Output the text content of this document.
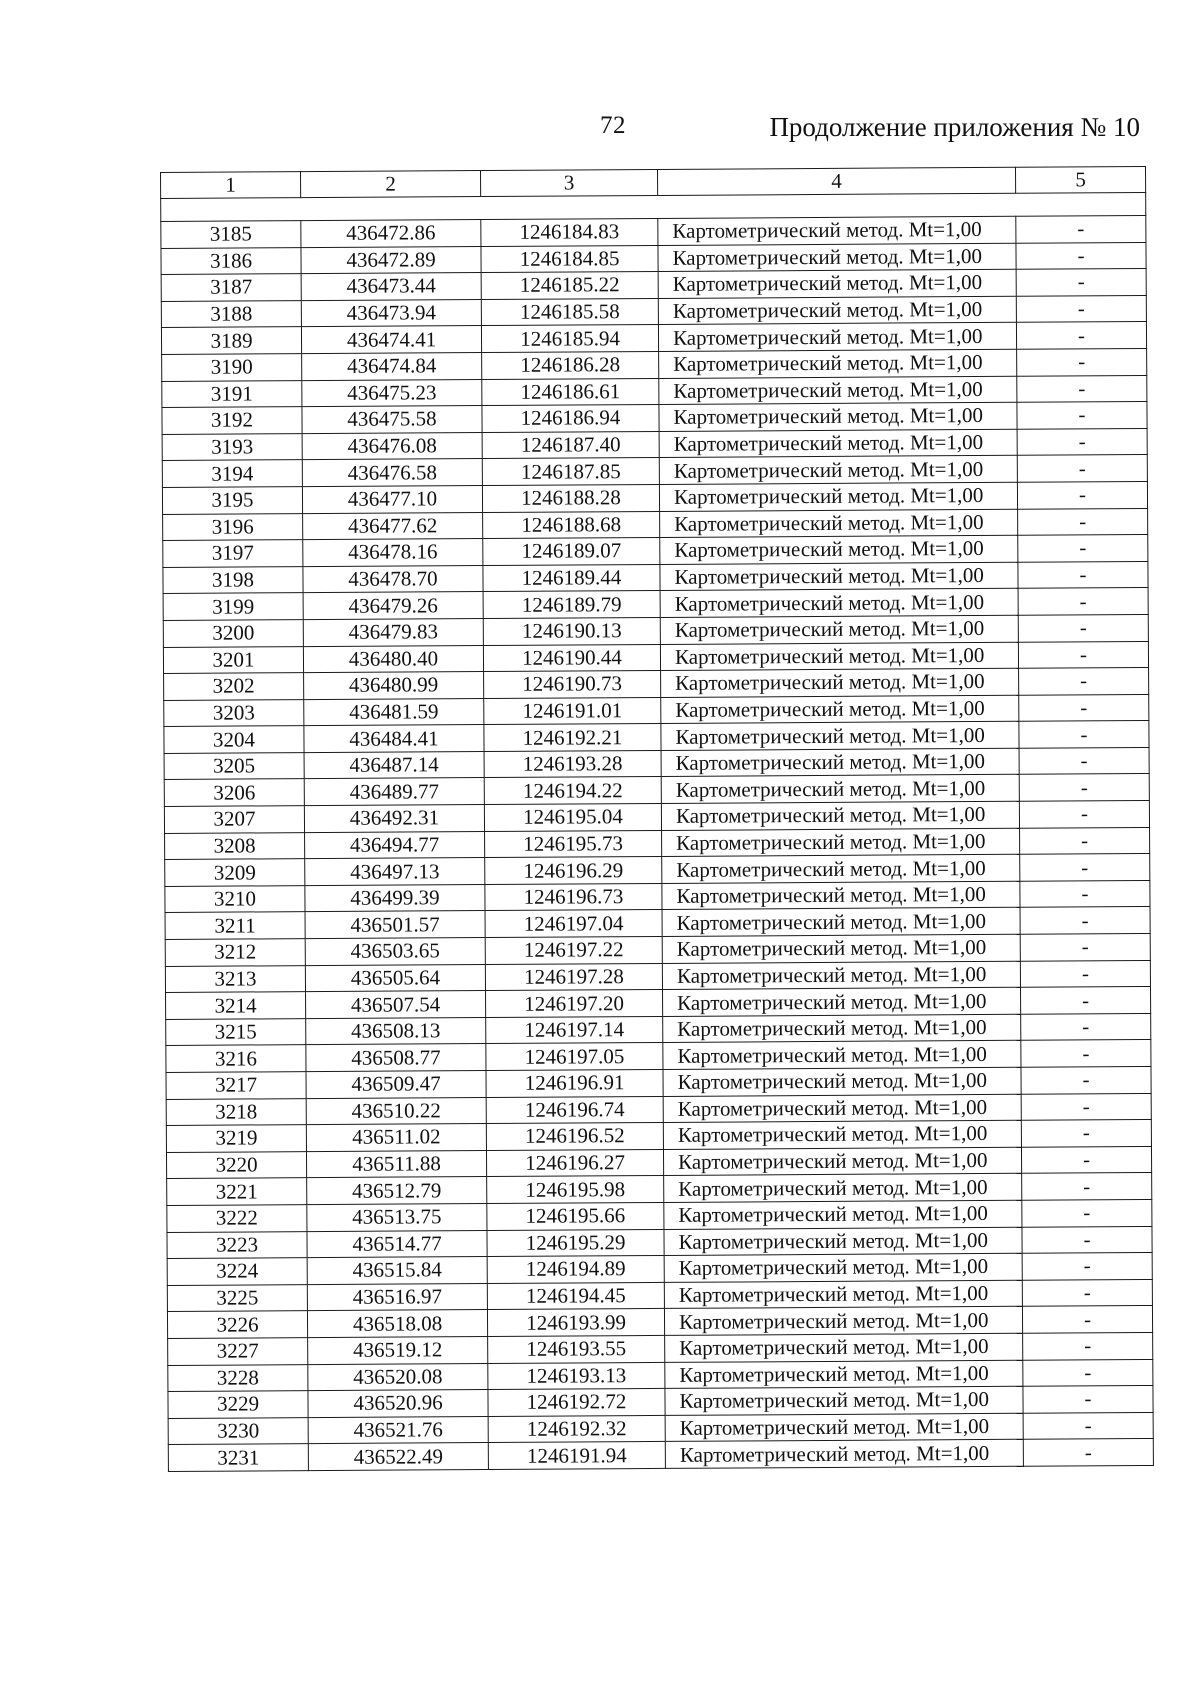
72	Продолжение приложения № 10
1	2	3	4	5

3185	436472.86	1246184.83	Картометрический метод. Mt=1,00	-
3186	436472.89	1246184.85	Картометрический метод. Mt=1,00	-
3187	436473.44	1246185.22	Картометрический метод. Mt=1,00	-
3188	436473.94	1246185.58	Картометрический метод. Mt=1,00	-
3189	436474.41	1246185.94	Картометрический метод. Mt=1,00	-
3190	436474.84	1246186.28	Картометрический метод. Mt=1,00	-
3191	436475.23	1246186.61	Картометрический метод. Mt=1,00	-
3192	436475.58	1246186.94	Картометрический метод. Mt=1,00	-
3193	436476.08	1246187.40	Картометрический метод. Mt=1,00	-
3194	436476.58	1246187.85	Картометрический метод. Mt=1,00	-
3195	436477.10	1246188.28	Картометрический метод. Mt=1,00	-
3196	436477.62	1246188.68	Картометрический метод. Mt=1,00	-
3197	436478.16	1246189.07	Картометрический метод. Mt=1,00	-
3198	436478.70	1246189.44	Картометрический метод. Mt=1,00	-
3199	436479.26	1246189.79	Картометрический метод. Mt=1,00	-
3200	436479.83	1246190.13	Картометрический метод. Mt=1,00	-
3201	436480.40	1246190.44	Картометрический метод. Mt=1,00	-
3202	436480.99	1246190.73	Картометрический метод. Mt=1,00	-
3203	436481.59	1246191.01	Картометрический метод. Mt=1,00	-
3204	436484.41	1246192.21	Картометрический метод. Mt=1,00	-
3205	436487.14	1246193.28	Картометрический метод. Mt=1,00	-
3206	436489.77	1246194.22	Картометрический метод. Mt=1,00	-
3207	436492.31	1246195.04	Картометрический метод. Mt=1,00	-
3208	436494.77	1246195.73	Картометрический метод. Mt=1,00	-
3209	436497.13	1246196.29	Картометрический метод. Mt=1,00	-
3210	436499.39	1246196.73	Картометрический метод. Mt=1,00	-
3211	436501.57	1246197.04	Картометрический метод. Mt=1,00	-
3212	436503.65	1246197.22	Картометрический метод. Mt=1,00	-
3213	436505.64	1246197.28	Картометрический метод. Mt=1,00	-
3214	436507.54	1246197.20	Картометрический метод. Mt=1,00	-
3215	436508.13	1246197.14	Картометрический метод. Mt=1,00	-
3216	436508.77	1246197.05	Картометрический метод. Mt=1,00	-
3217	436509.47	1246196.91	Картометрический метод. Mt=1,00	-
3218	436510.22	1246196.74	Картометрический метод. Mt=1,00	-
3219	436511.02	1246196.52	Картометрический метод. Mt=1,00	-
3220	436511.88	1246196.27	Картометрический метод. Mt=1,00	-
3221	436512.79	1246195.98	Картометрический метод. Mt=1,00	-
3222	436513.75	1246195.66	Картометрический метод. Mt=1,00	-
3223	436514.77	1246195.29	Картометрический метод. Mt=1,00	-
3224	436515.84	1246194.89	Картометрический метод. Mt=1,00	-
3225	436516.97	1246194.45	Картометрический метод. Mt=1,00	-
3226	436518.08	1246193.99	Картометрический метод. Mt=1,00	-
3227	436519.12	1246193.55	Картометрический метод. Mt=1,00	-
3228	436520.08	1246193.13	Картометрический метод. Mt=1,00	-
3229	436520.96	1246192.72	Картометрический метод. Mt=1,00	-
3230	436521.76	1246192.32	Картометрический метод. Mt=1,00	-
3231	436522.49	1246191.94	Картометрический метод. Mt=1,00	-
